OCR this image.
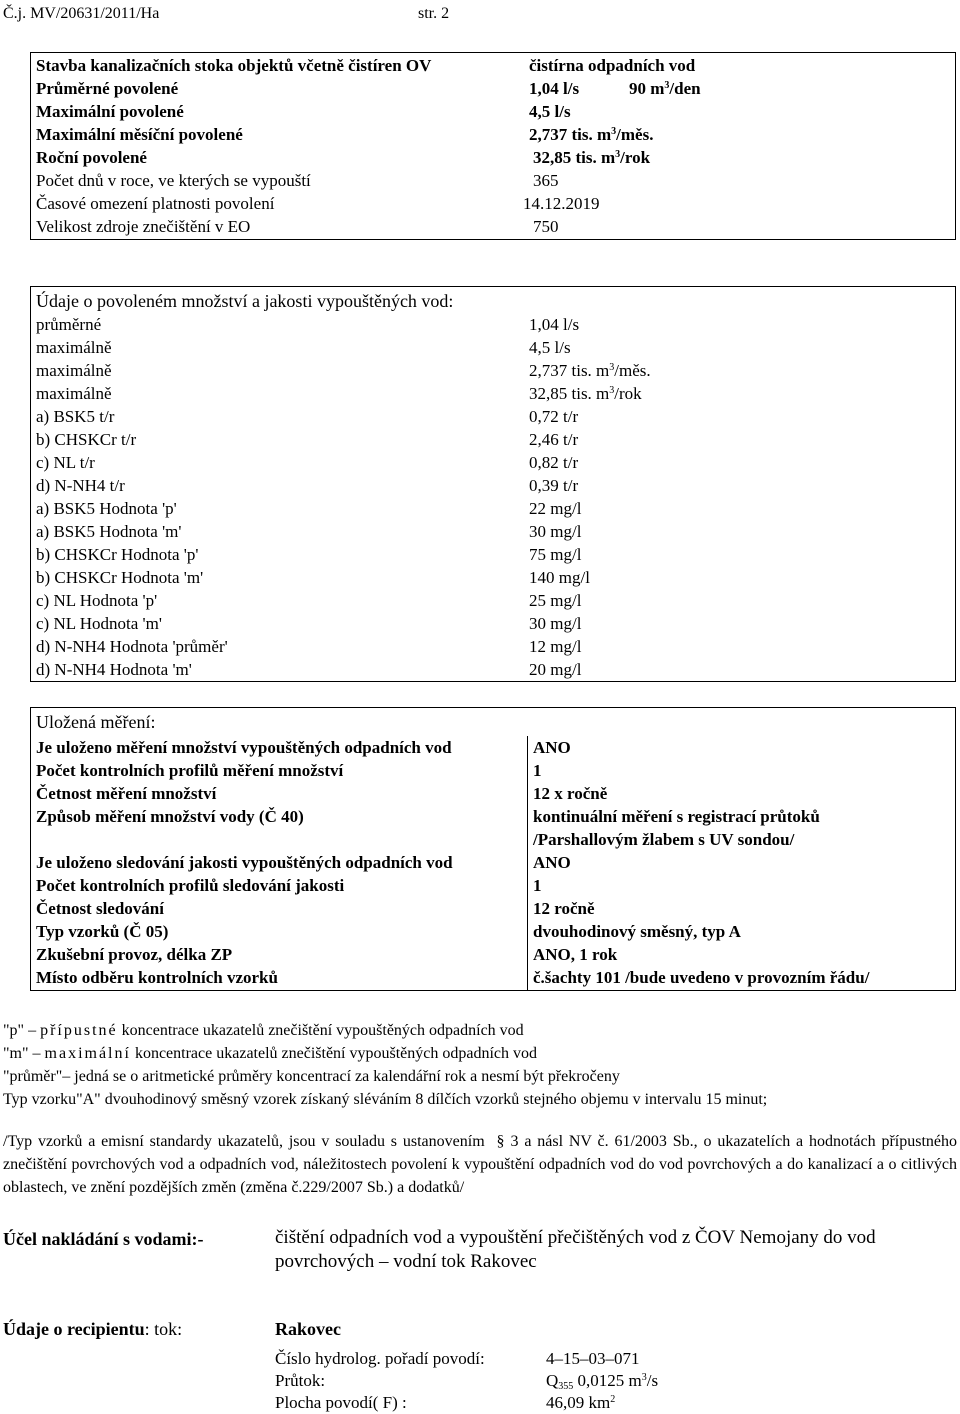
Č.j. MV/20631/2011/Ha	str. 2
Stavba kanalizačních stoka objektů včetně čistíren OV	čistírna odpadních vod
Průměrné povolené	1,04 l/s	90 $m^3$/den
Maximální povolené	4,5 l/s
Maximální měsíční povolené	2,737 tis. $m^3$/měs.
Roční povolené	32,85 tis. $m^3$/rok
Počet dnů v roce, ve kterých se vypouští	365
Časové omezení platnosti povolení	14.12.2019
Velikost zdroje znečištění v EO	750
Údaje o povoleném množství a jakosti vypouštěných vod:
průměrné	1,04 l/s
maximálně	4,5 l/s
maximálně	2,737 tis. $m^3$/měs.
maximálně	32,85 tis. $m^3$/rok
a) BSK5 t/r	0,72 t/r
b) CHSKCr t/r	2,46 t/r
c) NL t/r	0,82 t/r
d) N-NH4 t/r	0,39 t/r
a) BSK5 Hodnota 'p'	22 mg/l
a) BSK5 Hodnota 'm'	30 mg/l
b) CHSKCr Hodnota 'p'	75 mg/l
b) CHSKCr Hodnota 'm'	140 mg/l
c) NL Hodnota 'p'	25 mg/l
c) NL Hodnota 'm'	30 mg/l
d) N-NH4 Hodnota 'průměr'	12 mg/l
d) N-NH4 Hodnota 'm'	20 mg/l
Uložená měření:
Je uloženo měření množství vypouštěných odpadních vod	ANO
Počet kontrolních profilů měření množství	1
Četnost měření množství	12 x ročně
Způsob měření množství vody (Č 40)	kontinuální měření s registrací průtoků
/Parshallovým žlabem s UV sondou/
Je uloženo sledování jakosti vypouštěných odpadních vod	ANO
Počet kontrolních profilů sledování jakosti	1
Četnost sledování	12 ročně
Typ vzorků (Č 05)	dvouhodinový směsný, typ A
Zkušební provoz, délka ZP	ANO, 1 rok
Místo odběru kontrolních vzorků	č.šachty 101 /bude uvedeno v provozním řádu/
"p" – přípustné koncentrace ukazatelů znečištění vypouštěných odpadních vod
"m" – maximální koncentrace ukazatelů znečištění vypouštěných odpadních vod
"průměr"– jedná se o aritmetické průměry koncentrací za kalendářní rok a nesmí být překročeny
Typ vzorku"A" dvouhodinový směsný vzorek získaný sléváním 8 dílčích vzorků stejného objemu v intervalu 15 minut;
/Typ vzorků a emisní standardy ukazatelů, jsou v souladu s ustanovením § 3 a násl NV č. 61/2003 Sb., o ukazatelích a hodnotách přípustného znečištění povrchových vod a odpadních vod, náležitostech povolení k vypouštění odpadních vod do vod povrchových a do kanalizací a o citlivých oblastech, ve znění pozdějších změn (změna č.229/2007 Sb.) a dodatků/
Účel nakládání s vodami:-	čištění odpadních vod a vypouštění přečištěných vod z ČOV Nemojany do vod povrchových – vodní tok Rakovec
Údaje o recipientu: tok:	Rakovec
Číslo hydrolog. pořadí povodí:	4–15–03–071
Průtok:	$Q_{355}$ 0,0125 $m^3/s$
Plocha povodí( F) :	46,09 $km^2$
